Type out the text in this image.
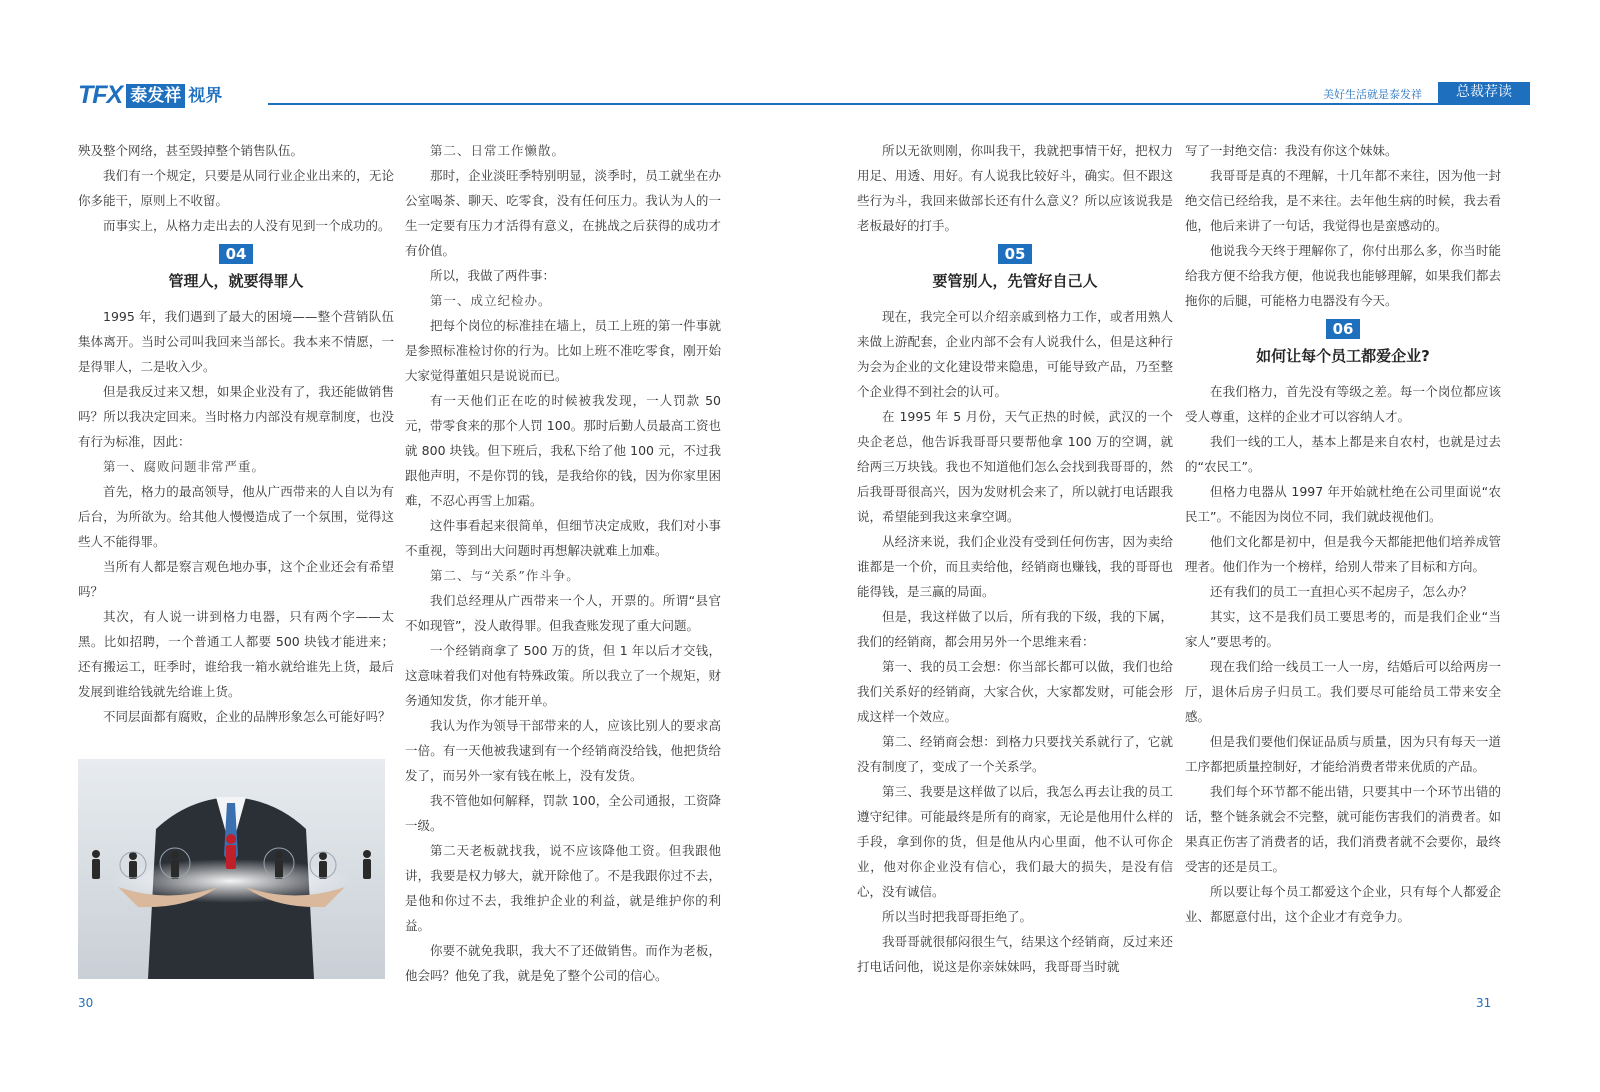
TFX 泰发祥 视界	美好生活就是泰发祥	总裁荐读

殃及整个网络，甚至毁掉整个销售队伍。

我们有一个规定，只要是从同行业企业出来的，无论你多能干，原则上不收留。

而事实上，从格力走出去的人没有见到一个成功的。

04
管理人，就要得罪人

1995 年，我们遇到了最大的困境——整个营销队伍集体离开。当时公司叫我回来当部长。我本来不情愿，一是得罪人，二是收入少。

但是我反过来又想，如果企业没有了，我还能做销售吗？所以我决定回来。当时格力内部没有规章制度，也没有行为标准，因此：

第一、腐败问题非常严重。

首先，格力的最高领导，他从广西带来的人自以为有后台，为所欲为。给其他人慢慢造成了一个氛围，觉得这些人不能得罪。

当所有人都是察言观色地办事，这个企业还会有希望吗？

其次，有人说一讲到格力电器，只有两个字——太黑。比如招聘，一个普通工人都要 500 块钱才能进来；还有搬运工，旺季时，谁给我一箱水就给谁先上货，最后发展到谁给钱就先给谁上货。

不同层面都有腐败，企业的品牌形象怎么可能好吗？

第二、日常工作懒散。

那时，企业淡旺季特别明显，淡季时，员工就坐在办公室喝茶、聊天、吃零食，没有任何压力。我认为人的一生一定要有压力才活得有意义，在挑战之后获得的成功才有价值。

所以，我做了两件事：

第一、成立纪检办。

把每个岗位的标准挂在墙上，员工上班的第一件事就是参照标准检讨你的行为。比如上班不准吃零食，刚开始大家觉得董姐只是说说而已。

有一天他们正在吃的时候被我发现，一人罚款 50 元，带零食来的那个人罚 100。那时后勤人员最高工资也就 800 块钱。但下班后，我私下给了他 100 元，不过我跟他声明，不是你罚的钱，是我给你的钱，因为你家里困难，不忍心再雪上加霜。

这件事看起来很简单，但细节决定成败，我们对小事不重视，等到出大问题时再想解决就难上加难。

第二、与“关系”作斗争。

我们总经理从广西带来一个人，开票的。所谓“县官不如现管”，没人敢得罪。但我查账发现了重大问题。

一个经销商拿了 500 万的货，但 1 年以后才交钱，这意味着我们对他有特殊政策。所以我立了一个规矩，财务通知发货，你才能开单。

我认为作为领导干部带来的人，应该比别人的要求高一倍。有一天他被我逮到有一个经销商没给钱，他把货给发了，而另外一家有钱在帐上，没有发货。

我不管他如何解释，罚款 100，全公司通报，工资降一级。

第二天老板就找我，说不应该降他工资。但我跟他讲，我要是权力够大，就开除他了。不是我跟你过不去，是他和你过不去，我维护企业的利益，就是维护你的利益。

你要不就免我职，我大不了还做销售。而作为老板，他会吗？他免了我，就是免了整个公司的信心。

所以无欲则刚，你叫我干，我就把事情干好，把权力用足、用透、用好。有人说我比较好斗，确实。但不跟这些行为斗，我回来做部长还有什么意义？所以应该说我是老板最好的打手。

05
要管别人，先管好自己人

现在，我完全可以介绍亲戚到格力工作，或者用熟人来做上游配套，企业内部不会有人说我什么，但是这种行为会为企业的文化建设带来隐患，可能导致产品，乃至整个企业得不到社会的认可。

在 1995 年 5 月份，天气正热的时候，武汉的一个央企老总，他告诉我哥哥只要帮他拿 100 万的空调，就给两三万块钱。我也不知道他们怎么会找到我哥哥的，然后我哥哥很高兴，因为发财机会来了，所以就打电话跟我说，希望能到我这来拿空调。

从经济来说，我们企业没有受到任何伤害，因为卖给谁都是一个价，而且卖给他，经销商也赚钱，我的哥哥也能得钱，是三赢的局面。

但是，我这样做了以后，所有我的下级，我的下属，我们的经销商，都会用另外一个思维来看：

第一、我的员工会想：你当部长都可以做，我们也给我们关系好的经销商，大家合伙，大家都发财，可能会形成这样一个效应。

第二、经销商会想：到格力只要找关系就行了，它就没有制度了，变成了一个关系学。

第三、我要是这样做了以后，我怎么再去让我的员工遵守纪律。可能最终是所有的商家，无论是他用什么样的手段，拿到你的货，但是他从内心里面，他不认可你企业，他对你企业没有信心，我们最大的损失，是没有信心，没有诚信。

所以当时把我哥哥拒绝了。

我哥哥就很郁闷很生气，结果这个经销商，反过来还打电话问他，说这是你亲妹妹吗，我哥哥当时就

写了一封绝交信：我没有你这个妹妹。

我哥哥是真的不理解，十几年都不来往，因为他一封绝交信已经给我，是不来往。去年他生病的时候，我去看他，他后来讲了一句话，我觉得也是蛮感动的。

他说我今天终于理解你了，你付出那么多，你当时能给我方便不给我方便，他说我也能够理解，如果我们都去拖你的后腿，可能格力电器没有今天。

06
如何让每个员工都爱企业?

在我们格力，首先没有等级之差。每一个岗位都应该受人尊重，这样的企业才可以容纳人才。

我们一线的工人，基本上都是来自农村，也就是过去的“农民工”。

但格力电器从 1997 年开始就杜绝在公司里面说“农民工”。不能因为岗位不同，我们就歧视他们。

他们文化都是初中，但是我今天都能把他们培养成管理者。他们作为一个榜样，给别人带来了目标和方向。

还有我们的员工一直担心买不起房子，怎么办？

其实，这不是我们员工要思考的，而是我们企业“当家人”要思考的。

现在我们给一线员工一人一房，结婚后可以给两房一厅，退休后房子归员工。我们要尽可能给员工带来安全感。

但是我们要他们保证品质与质量，因为只有每天一道工序都把质量控制好，才能给消费者带来优质的产品。

我们每个环节都不能出错，只要其中一个环节出错的话，整个链条就会不完整，就可能伤害我们的消费者。如果真正伤害了消费者的话，我们消费者就不会要你，最终受害的还是员工。

所以要让每个员工都爱这个企业，只有每个人都爱企业、都愿意付出，这个企业才有竞争力。

30	31
